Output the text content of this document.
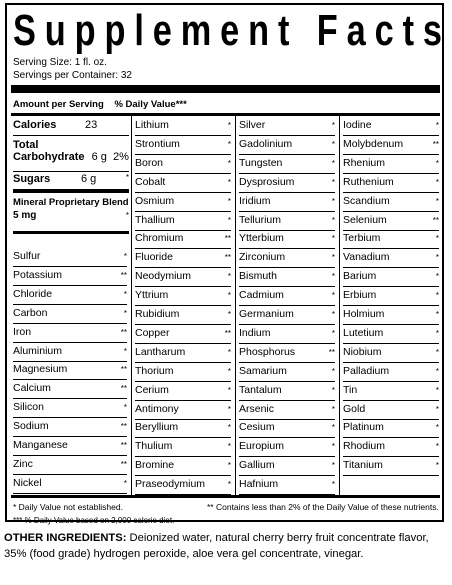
S u p p l e m e n t
F a c t s
Serving Size: 1 fl. oz.
Servings per Container: 32
Amount per Serving % Daily Value***
Calories	23
Total
Carbohydrate 6 g 2%
Sugars	6 g	*
Mineral Proprietary Blend
5 mg	*
Sulfur	*
Potassium	**
Chloride	*
Carbon	*
Iron	**
Aluminium	*
Magnesium	**
Calcium	**
Silicon	*
Sodium	**
Manganese	**
Zinc	**
Nickel	*
Lithium	*
Strontium	*
Boron	*
Cobalt	*
Osmium	*
Thallium	*
Chromium	**
Fluoride	**
Neodymium	*
Yttrium	*
Rubidium	*
Copper	**
Lantharum	*
Thorium	*
Cerium	*
Antimony	*
Beryllium	*
Thulium	*
Bromine	*
Praseodymium	*
Silver	*
Gadolinium	*
Tungsten	*
Dysprosium	*
Iridium	*
Tellurium	*
Ytterbium	*
Zirconium	*
Bismuth	*
Cadmium	*
Germanium	*
Indium	*
Phosphorus	**
Samarium	*
Tantalum	*
Arsenic	*
Cesium	*
Europium	*
Gallium	*
Hafnium	*
Iodine	*
Molybdenum	**
Rhenium	*
Ruthenium	*
Scandium	*
Selenium	**
Terbium	*
Vanadium	*
Barium	*
Erbium	*
Holmium	*
Lutetium	*
Niobium	*
Palladium	*
Tin	*
Gold	*
Platinum	*
Rhodium	*
Titanium	*
* Daily Value not established.	** Contains less than 2% of the Daily Value of these nutrients.
*** % Daily Value based on 2,000 calorie diet.
OTHER INGREDIENTS: Deionized water, natural cherry berry fruit concentrate flavor, 35% (food grade) hydrogen peroxide, aloe vera gel concentrate, vinegar.
